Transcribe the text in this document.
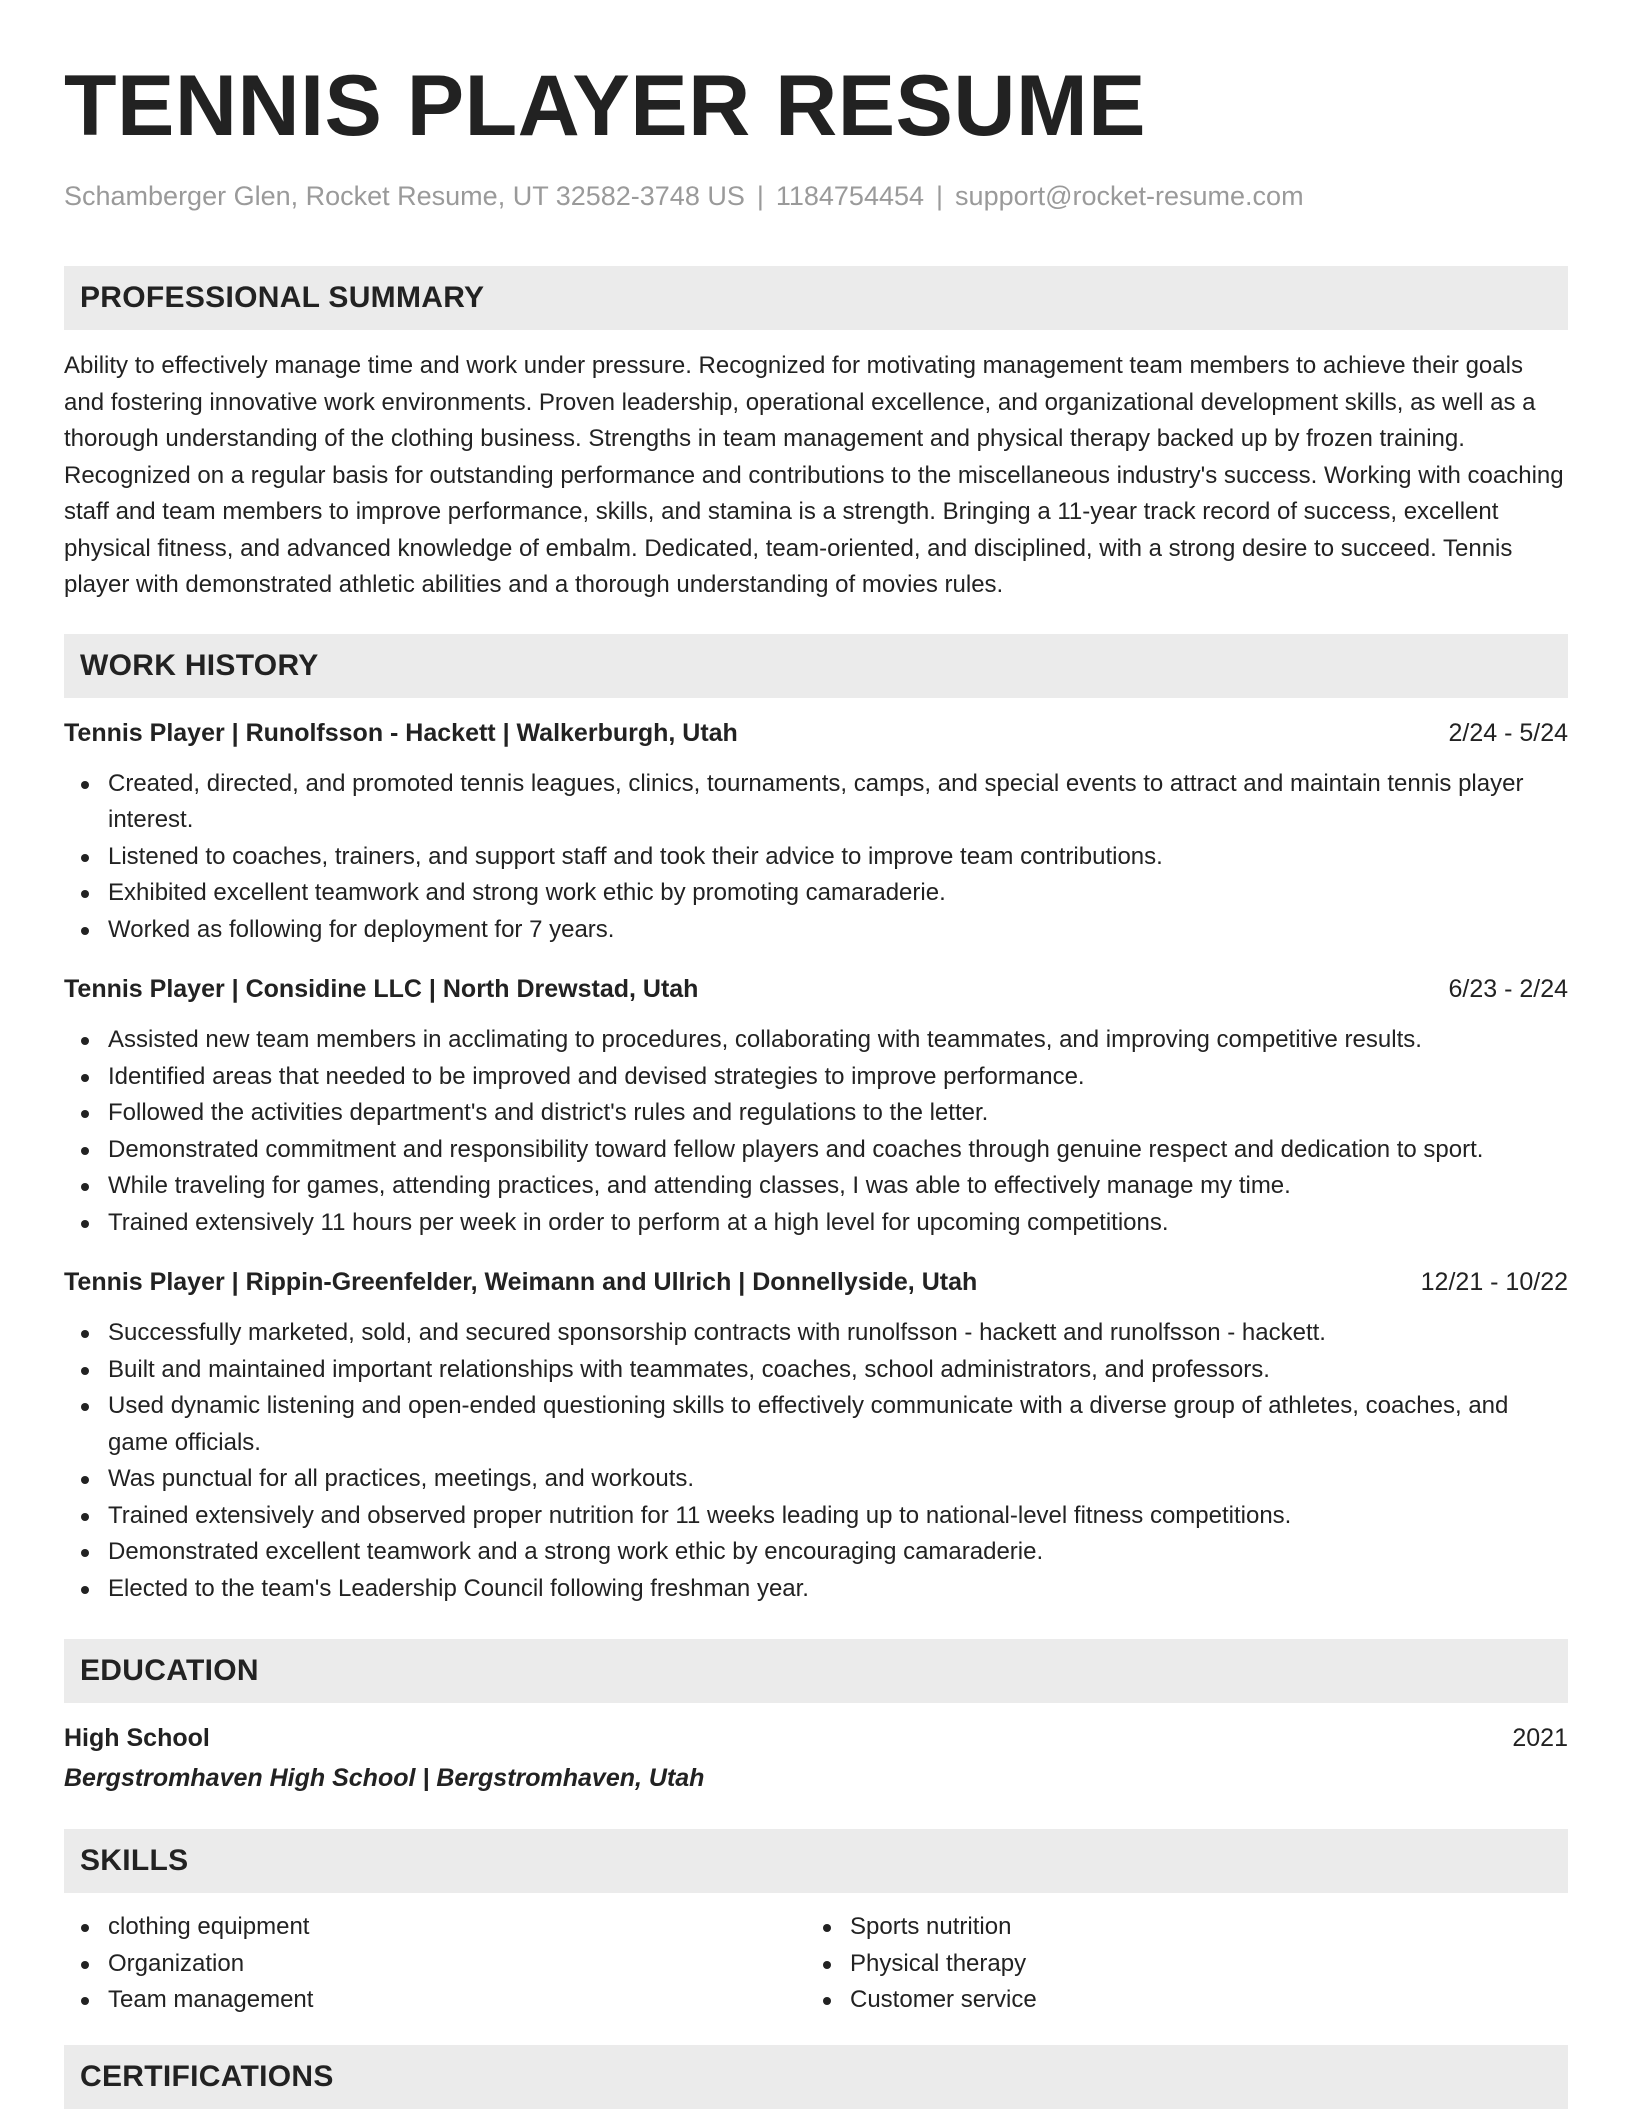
TENNIS PLAYER RESUME
Schamberger Glen, Rocket Resume, UT 32582-3748 US | 1184754454 | support@rocket-resume.com
PROFESSIONAL SUMMARY

Ability to effectively manage time and work under pressure. Recognized for motivating management team members to achieve their goals and fostering innovative work environments. Proven leadership, operational excellence, and organizational development skills, as well as a thorough understanding of the clothing business. Strengths in team management and physical therapy backed up by frozen training. Recognized on a regular basis for outstanding performance and contributions to the miscellaneous industry's success. Working with coaching staff and team members to improve performance, skills, and stamina is a strength. Bringing a 11-year track record of success, excellent physical fitness, and advanced knowledge of embalm. Dedicated, team-oriented, and disciplined, with a strong desire to succeed. Tennis player with demonstrated athletic abilities and a thorough understanding of movies rules.

WORK HISTORY
Tennis Player | Runolfsson - Hackett | Walkerburgh, Utah	2/24 - 5/24
Created, directed, and promoted tennis leagues, clinics, tournaments, camps, and special events to attract and maintain tennis player interest.
Listened to coaches, trainers, and support staff and took their advice to improve team contributions.
Exhibited excellent teamwork and strong work ethic by promoting camaraderie.
Worked as following for deployment for 7 years.
Tennis Player | Considine LLC | North Drewstad, Utah	6/23 - 2/24
Assisted new team members in acclimating to procedures, collaborating with teammates, and improving competitive results.
Identified areas that needed to be improved and devised strategies to improve performance.
Followed the activities department's and district's rules and regulations to the letter.
Demonstrated commitment and responsibility toward fellow players and coaches through genuine respect and dedication to sport.
While traveling for games, attending practices, and attending classes, I was able to effectively manage my time.
Trained extensively 11 hours per week in order to perform at a high level for upcoming competitions.
Tennis Player | Rippin-Greenfelder, Weimann and Ullrich | Donnellyside, Utah	12/21 - 10/22
Successfully marketed, sold, and secured sponsorship contracts with runolfsson - hackett and runolfsson - hackett.
Built and maintained important relationships with teammates, coaches, school administrators, and professors.
Used dynamic listening and open-ended questioning skills to effectively communicate with a diverse group of athletes, coaches, and game officials.
Was punctual for all practices, meetings, and workouts.
Trained extensively and observed proper nutrition for 11 weeks leading up to national-level fitness competitions.
Demonstrated excellent teamwork and a strong work ethic by encouraging camaraderie.
Elected to the team's Leadership Council following freshman year.
EDUCATION
High School	2021
Bergstromhaven High School | Bergstromhaven, Utah
SKILLS
clothing equipment
Organization
Team management
Sports nutrition
Physical therapy
Customer service
CERTIFICATIONS
